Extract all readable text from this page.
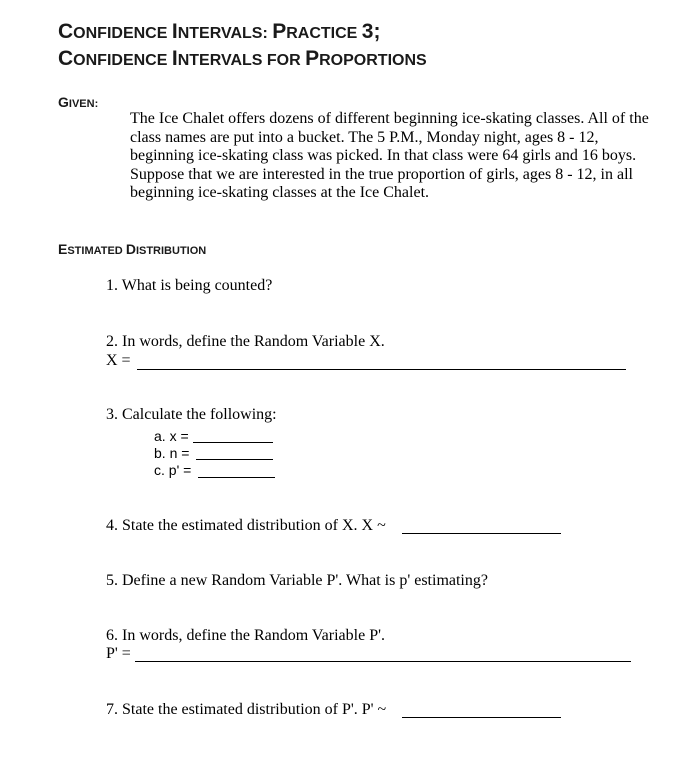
CONFIDENCE INTERVALS: PRACTICE 3;
CONFIDENCE INTERVALS FOR PROPORTIONS
GIVEN:
The Ice Chalet offers dozens of different beginning ice-skating classes. All of the class names are put into a bucket. The 5 P.M., Monday night, ages 8 - 12, beginning ice-skating class was picked. In that class were 64 girls and 16 boys. Suppose that we are interested in the true proportion of girls, ages 8 - 12, in all beginning ice-skating classes at the Ice Chalet.
ESTIMATED DISTRIBUTION
1. What is being counted?
2. In words, define the Random Variable X.
X =
3. Calculate the following:
a. x =
b. n =
c. p' =
4. State the estimated distribution of X. X ~
5. Define a new Random Variable P'. What is p' estimating?
6. In words, define the Random Variable P'.
P' =
7. State the estimated distribution of P'. P' ~
